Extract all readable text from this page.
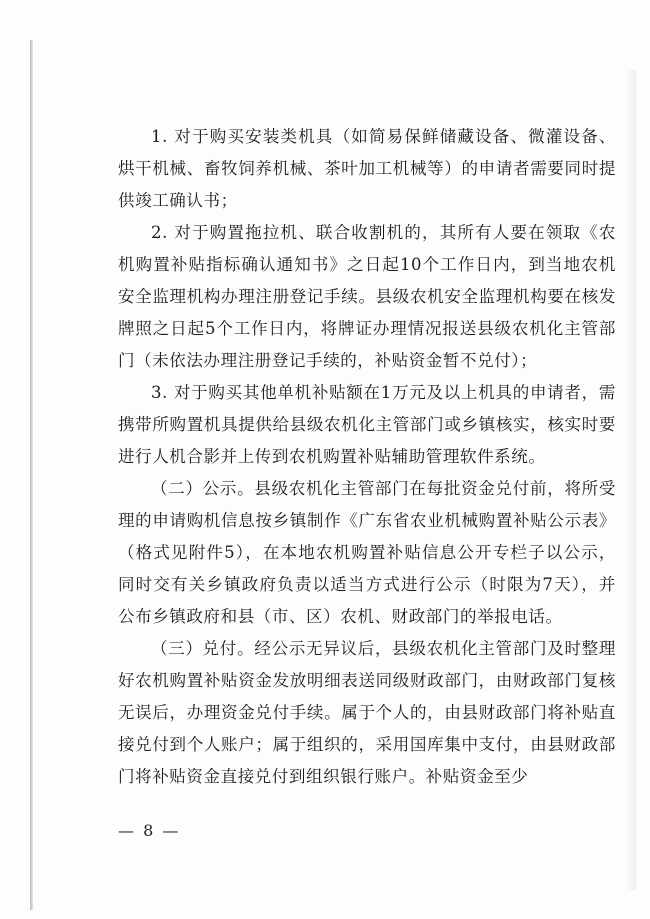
1. 对于购买安装类机具（如简易保鲜储藏设备、微灌设备、烘干机械、畜牧饲养机械、茶叶加工机械等）的申请者需要同时提供竣工确认书；

2. 对于购置拖拉机、联合收割机的，其所有人要在领取《农机购置补贴指标确认通知书》之日起10个工作日内，到当地农机安全监理机构办理注册登记手续。县级农机安全监理机构要在核发牌照之日起5个工作日内，将牌证办理情况报送县级农机化主管部门（未依法办理注册登记手续的，补贴资金暂不兑付）；

3. 对于购买其他单机补贴额在1万元及以上机具的申请者，需携带所购置机具提供给县级农机化主管部门或乡镇核实，核实时要进行人机合影并上传到农机购置补贴辅助管理软件系统。

（二）公示。县级农机化主管部门在每批资金兑付前，将所受理的申请购机信息按乡镇制作《广东省农业机械购置补贴公示表》（格式见附件5），在本地农机购置补贴信息公开专栏子以公示，同时交有关乡镇政府负责以适当方式进行公示（时限为7天），并公布乡镇政府和县（市、区）农机、财政部门的举报电话。

（三）兑付。经公示无异议后，县级农机化主管部门及时整理好农机购置补贴资金发放明细表送同级财政部门，由财政部门复核无误后，办理资金兑付手续。属于个人的，由县财政部门将补贴直接兑付到个人账户；属于组织的，采用国库集中支付，由县财政部门将补贴资金直接兑付到组织银行账户。补贴资金至少

— 8 —
